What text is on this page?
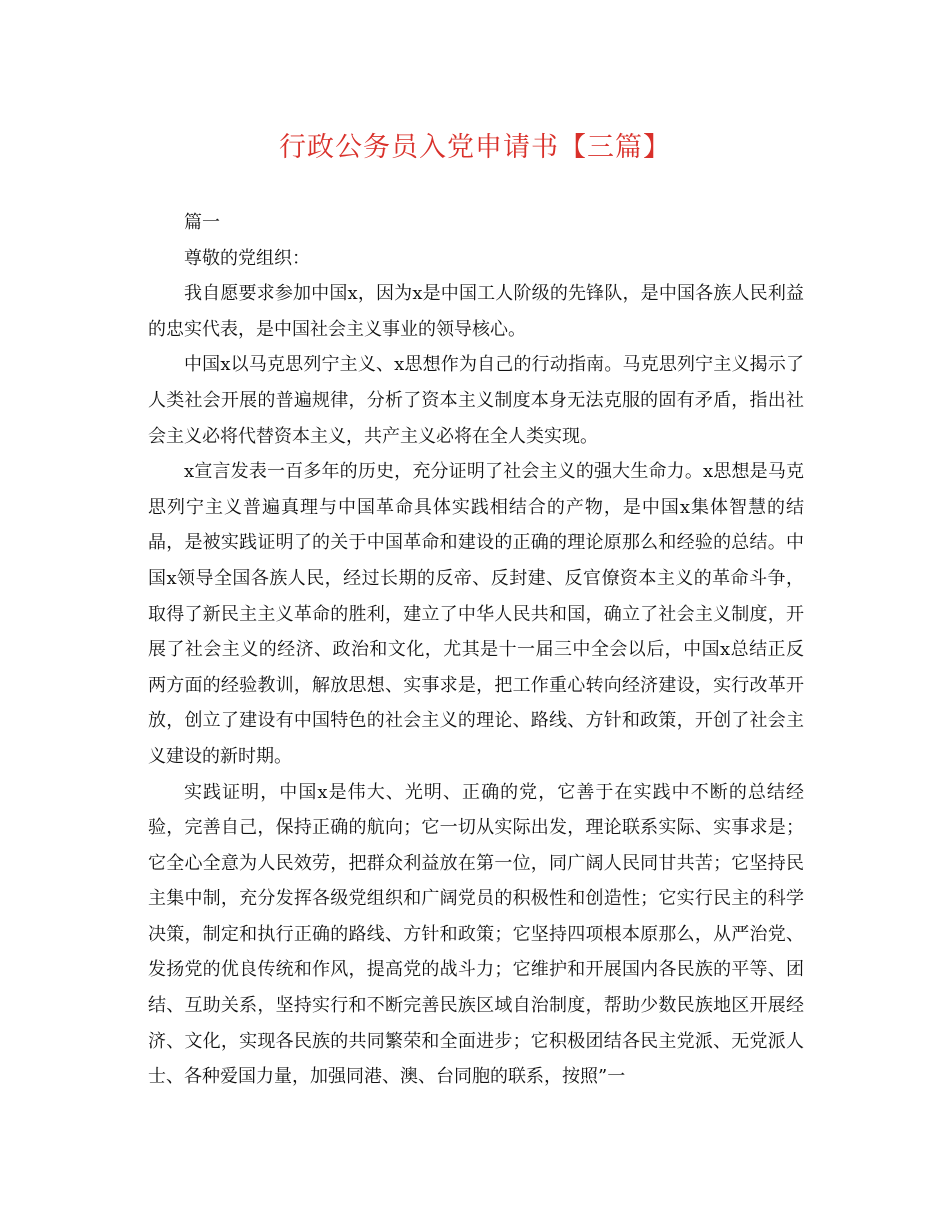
行政公务员入党申请书【三篇】

篇一

尊敬的党组织：

我自愿要求参加中国x，因为x是中国工人阶级的先锋队，是中国各族人民利益的忠实代表，是中国社会主义事业的领导核心。

中国x以马克思列宁主义、x思想作为自己的行动指南。马克思列宁主义揭示了人类社会开展的普遍规律，分析了资本主义制度本身无法克服的固有矛盾，指出社会主义必将代替资本主义，共产主义必将在全人类实现。

x宣言发表一百多年的历史，充分证明了社会主义的强大生命力。x思想是马克思列宁主义普遍真理与中国革命具体实践相结合的产物，是中国x集体智慧的结晶，是被实践证明了的关于中国革命和建设的正确的理论原那么和经验的总结。中国x领导全国各族人民，经过长期的反帝、反封建、反官僚资本主义的革命斗争，取得了新民主主义革命的胜利，建立了中华人民共和国，确立了社会主义制度，开展了社会主义的经济、政治和文化，尤其是十一届三中全会以后，中国x总结正反两方面的经验教训，解放思想、实事求是，把工作重心转向经济建设，实行改革开放，创立了建设有中国特色的社会主义的理论、路线、方针和政策，开创了社会主义建设的新时期。

实践证明，中国x是伟大、光明、正确的党，它善于在实践中不断的总结经验，完善自己，保持正确的航向；它一切从实际出发，理论联系实际、实事求是；它全心全意为人民效劳，把群众利益放在第一位，同广阔人民同甘共苦；它坚持民主集中制，充分发挥各级党组织和广阔党员的积极性和创造性；它实行民主的科学决策，制定和执行正确的路线、方针和政策；它坚持四项根本原那么，从严治党、发扬党的优良传统和作风，提高党的战斗力；它维护和开展国内各民族的平等、团结、互助关系，坚持实行和不断完善民族区域自治制度，帮助少数民族地区开展经济、文化，实现各民族的共同繁荣和全面进步；它积极团结各民主党派、无党派人士、各种爱国力量，加强同港、澳、台同胞的联系，按照”一
